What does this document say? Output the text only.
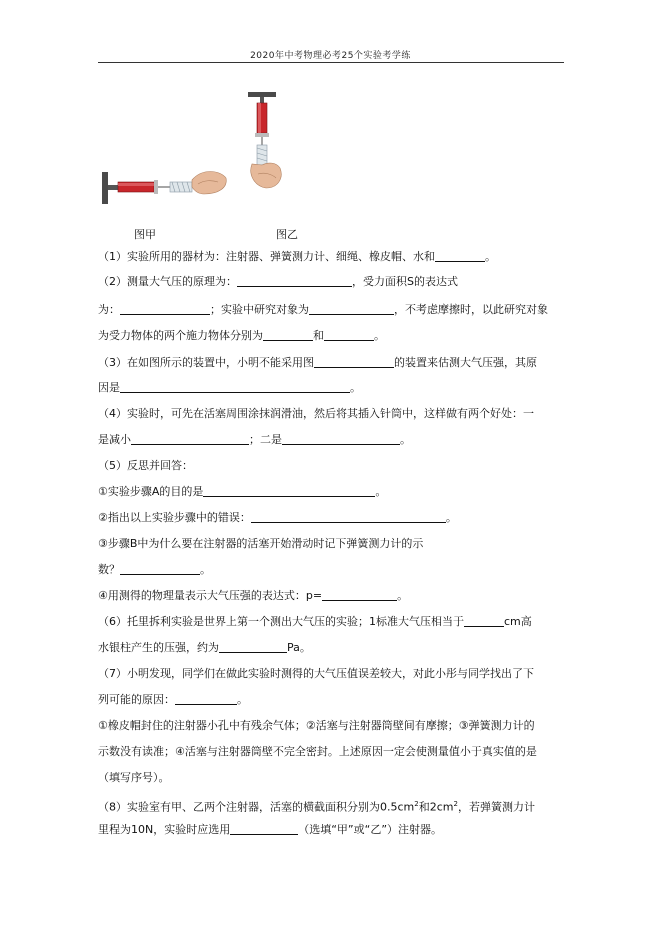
2020年中考物理必考25个实验考学练
图甲	图乙
（1）实验所用的器材为：注射器、弹簧测力计、细绳、橡皮帽、水和	。
（2）测量大气压的原理为：	，受力面积S的表达式
为：	；实验中研究对象为	，不考虑摩擦时，以此研究对象
为受力物体的两个施力物体分别为	和	。
（3）在如图所示的装置中，小明不能采用图	的装置来估测大气压强，其原
因是	。
（4）实验时，可先在活塞周围涂抹润滑油，然后将其插入针筒中，这样做有两个好处：一
是减小	；二是	。
（5）反思并回答：
①实验步骤A的目的是	。
②指出以上实验步骤中的错误：	。
③步骤B中为什么要在注射器的活塞开始滑动时记下弹簧测力计的示
数？	。
④用测得的物理量表示大气压强的表达式：p=	。
（6）托里拆利实验是世界上第一个测出大气压的实验；1标准大气压相当于	cm高
水银柱产生的压强，约为	Pa。
（7）小明发现，同学们在做此实验时测得的大气压值误差较大，对此小彤与同学找出了下
列可能的原因：	。
①橡皮帽封住的注射器小孔中有残余气体；②活塞与注射器筒壁间有摩擦；③弹簧测力计的
示数没有读准；④活塞与注射器筒壁不完全密封。上述原因一定会使测量值小于真实值的是
（填写序号）。
（8）实验室有甲、乙两个注射器，活塞的横截面积分别为$0.5cm^2$和$2cm^2$，若弹簧测力计
里程为10N，实验时应选用	（选填“甲”或“乙”）注射器。
